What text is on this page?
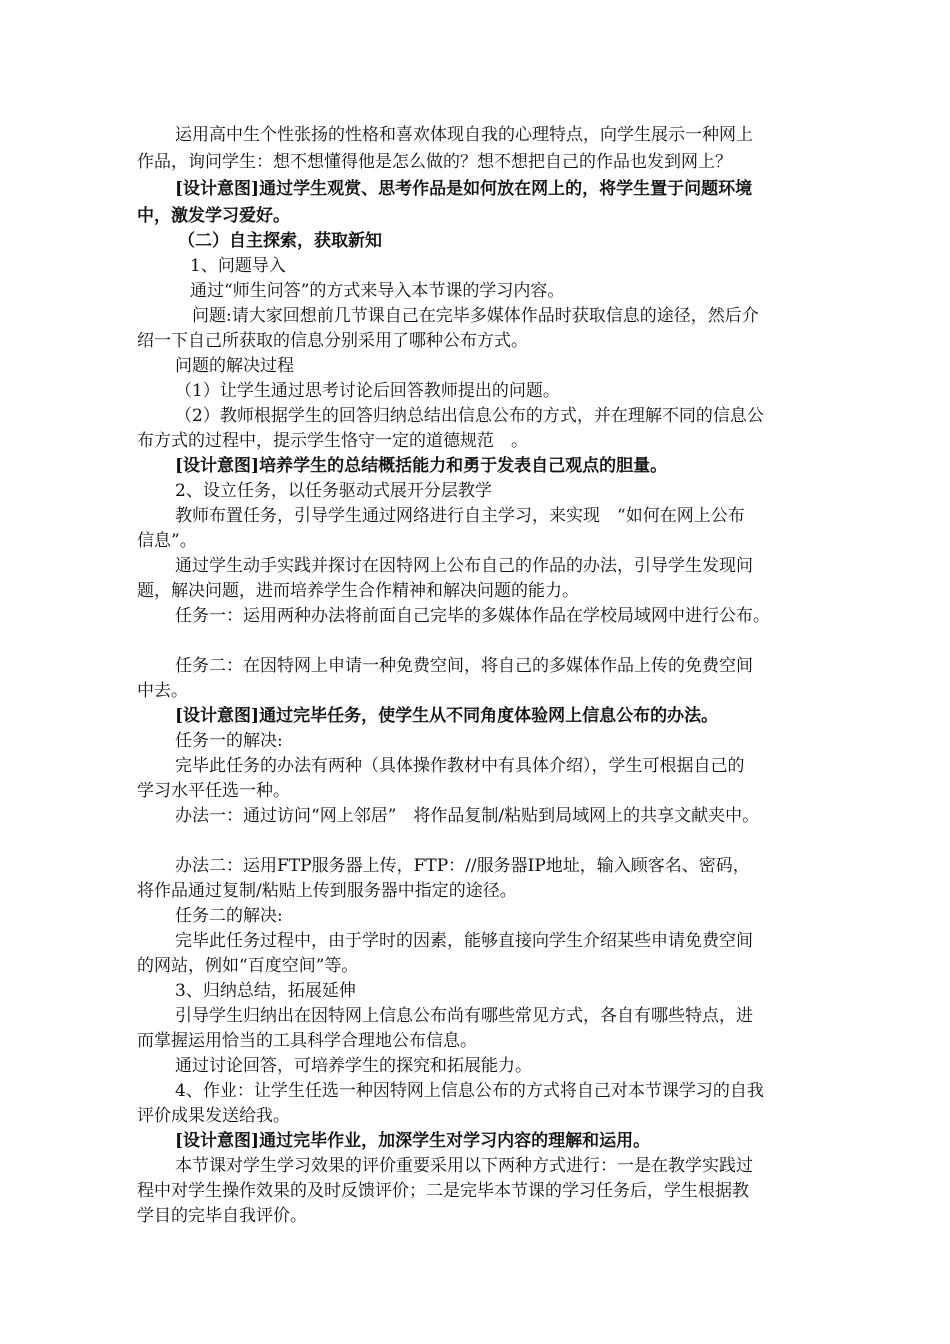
运用高中生个性张扬的性格和喜欢体现自我的心理特点，向学生展示一种网上
作品，询问学生：想不想懂得他是怎么做的？想不想把自己的作品也发到网上？
[设计意图]通过学生观赏、思考作品是如何放在网上的，将学生置于问题环境
中，激发学习爱好。
（二）自主探索，获取新知
1、问题导入
通过“师生问答”的方式来导入本节课的学习内容。
问题:请大家回想前几节课自己在完毕多媒体作品时获取信息的途径，然后介
绍一下自己所获取的信息分别采用了哪种公布方式。
问题的解决过程
（1）让学生通过思考讨论后回答教师提出的问题。
（2）教师根据学生的回答归纳总结出信息公布的方式，并在理解不同的信息公
布方式的过程中，提示学生恪守一定的道德规范　。
[设计意图]培养学生的总结概括能力和勇于发表自己观点的胆量。
2、设立任务，以任务驱动式展开分层教学
教师布置任务，引导学生通过网络进行自主学习，来实现　“如何在网上公布
信息”。
通过学生动手实践并探讨在因特网上公布自己的作品的办法，引导学生发现问
题，解决问题，进而培养学生合作精神和解决问题的能力。
任务一：运用两种办法将前面自己完毕的多媒体作品在学校局域网中进行公布。
任务二：在因特网上申请一种免费空间，将自己的多媒体作品上传的免费空间
中去。
[设计意图]通过完毕任务，使学生从不同角度体验网上信息公布的办法。
任务一的解决:
完毕此任务的办法有两种（具体操作教材中有具体介绍），学生可根据自己的
学习水平任选一种。
办法一：通过访问“网上邻居”　将作品复制/粘贴到局域网上的共享文献夹中。
办法二：运用FTP服务器上传，FTP：//服务器IP地址，输入顾客名、密码，
将作品通过复制/粘贴上传到服务器中指定的途径。
任务二的解决:
完毕此任务过程中，由于学时的因素，能够直接向学生介绍某些申请免费空间
的网站，例如“百度空间”等。
3、归纳总结，拓展延伸
引导学生归纳出在因特网上信息公布尚有哪些常见方式，各自有哪些特点，进
而掌握运用恰当的工具科学合理地公布信息。
通过讨论回答，可培养学生的探究和拓展能力。
4、作业：让学生任选一种因特网上信息公布的方式将自己对本节课学习的自我
评价成果发送给我。
[设计意图]通过完毕作业，加深学生对学习内容的理解和运用。
本节课对学生学习效果的评价重要采用以下两种方式进行：一是在教学实践过
程中对学生操作效果的及时反馈评价；二是完毕本节课的学习任务后，学生根据教
学目的完毕自我评价。
